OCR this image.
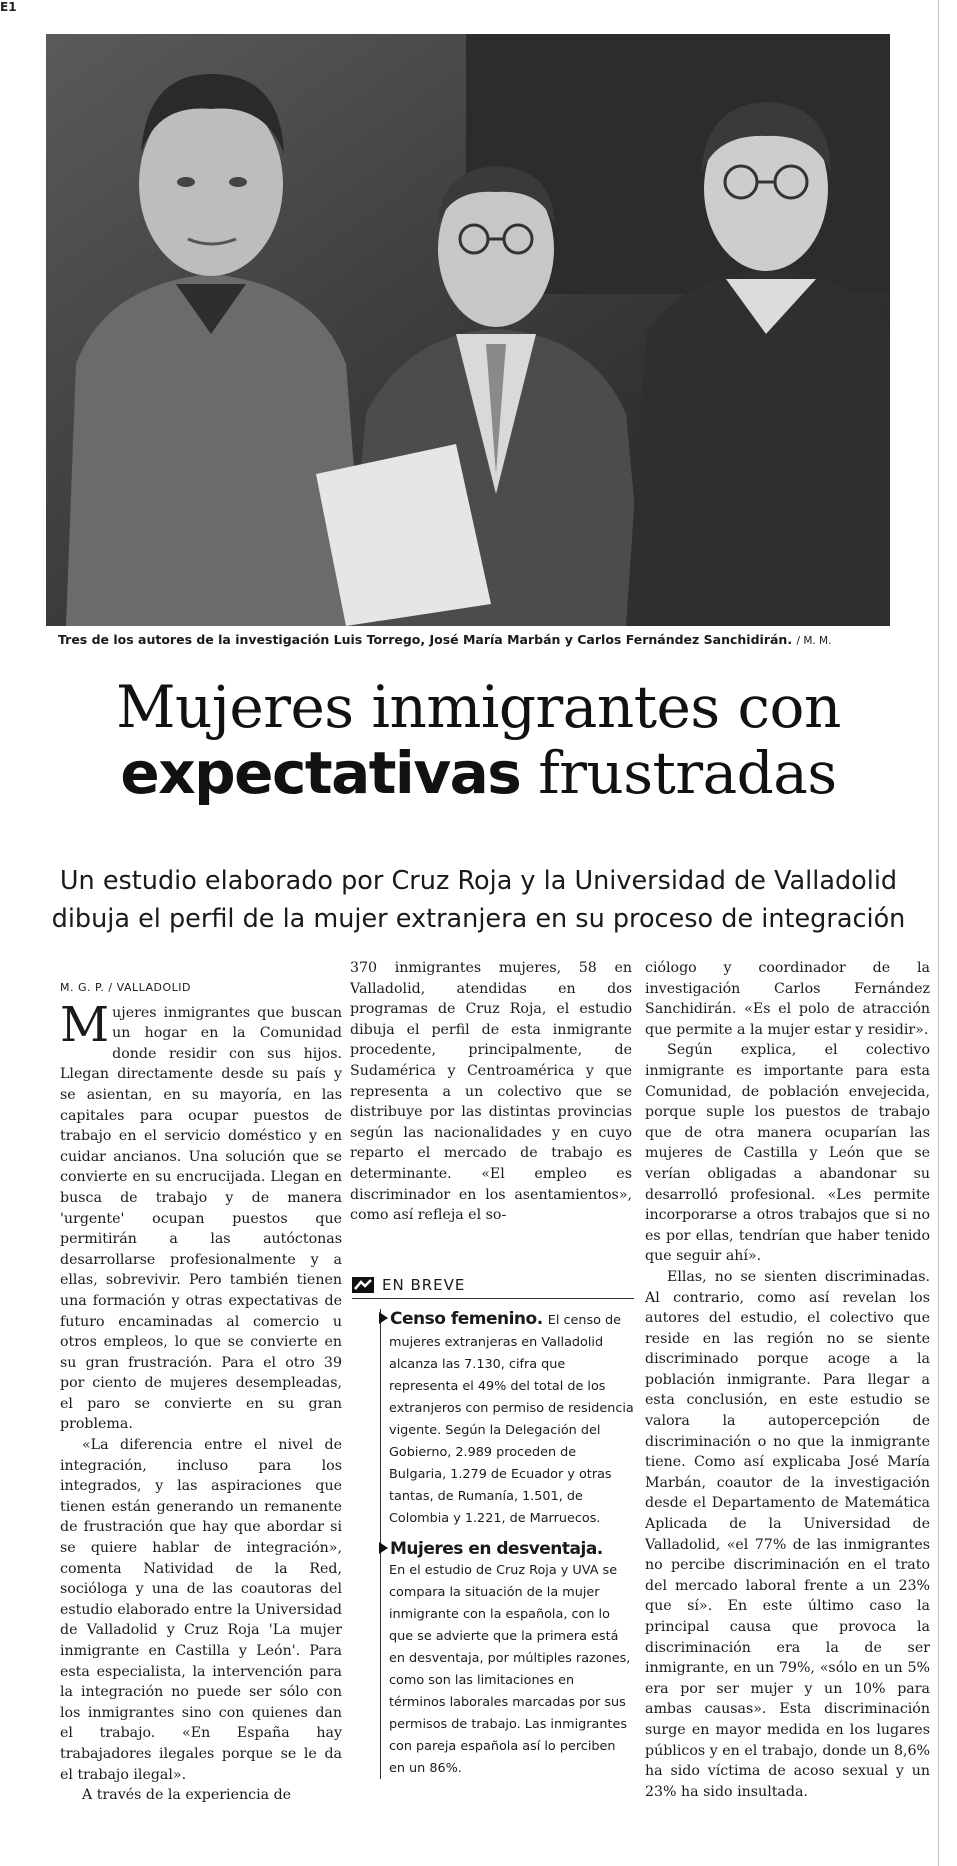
E1
Tres de los autores de la investigación Luis Torrego, José María Marbán y Carlos Fernández Sanchidirán. / M. M.
Mujeres inmigrantes con
expectativas frustradas
Un estudio elaborado por Cruz Roja y la Universidad de Valladolid
dibuja el perfil de la mujer extranjera en su proceso de integración
M. G. P. / VALLADOLID

Mujeres inmigrantes que buscan un hogar en la Comunidad donde residir con sus hijos. Llegan directamente desde su país y se asientan, en su mayoría, en las capitales para ocupar puestos de trabajo en el servicio doméstico y en cuidar ancianos. Una solución que se convierte en su encrucijada. Llegan en busca de trabajo y de manera 'urgente' ocupan puestos que permitirán a las autóctonas desarrollarse profesionalmente y a ellas, sobrevivir. Pero también tienen una formación y otras expectativas de futuro encaminadas al comercio u otros empleos, lo que se convierte en su gran frustración. Para el otro 39 por ciento de mujeres desempleadas, el paro se convierte en su gran problema.

«La diferencia entre el nivel de integración, incluso para los integrados, y las aspiraciones que tienen están generando un remanente de frustración que hay que abordar si se quiere hablar de integración», comenta Natividad de la Red, socióloga y una de las coautoras del estudio elaborado entre la Universidad de Valladolid y Cruz Roja 'La mujer inmigrante en Castilla y León'. Para esta especialista, la intervención para la integración no puede ser sólo con los inmigrantes sino con quienes dan el trabajo. «En España hay trabajadores ilegales porque se le da el trabajo ilegal».

A través de la experiencia de

370 inmigrantes mujeres, 58 en Valladolid, atendidas en dos programas de Cruz Roja, el estudio dibuja el perfil de esta inmigrante procedente, principalmente, de Sudamérica y Centroamérica y que representa a un colectivo que se distribuye por las distintas provincias según las nacionalidades y en cuyo reparto el mercado de trabajo es determinante. «El empleo es discriminador en los asentamientos», como así refleja el so-

EN BREVE
Censo femenino. El censo de mujeres extranjeras en Valladolid alcanza las 7.130, cifra que representa el 49% del total de los extranjeros con permiso de residencia vigente. Según la Delegación del Gobierno, 2.989 proceden de Bulgaria, 1.279 de Ecuador y otras tantas, de Rumanía, 1.501, de Colombia y 1.221, de Marruecos.
Mujeres en desventaja.
En el estudio de Cruz Roja y UVA se compara la situación de la mujer inmigrante con la española, con lo que se advierte que la primera está en desventaja, por múltiples razones, como son las limitaciones en términos laborales marcadas por sus permisos de trabajo. Las inmigrantes con pareja española así lo perciben en un 86%.

ciólogo y coordinador de la investigación Carlos Fernández Sanchidirán. «Es el polo de atracción que permite a la mujer estar y residir».

Según explica, el colectivo inmigrante es importante para esta Comunidad, de población envejecida, porque suple los puestos de trabajo que de otra manera ocuparían las mujeres de Castilla y León que se verían obligadas a abandonar su desarrolló profesional. «Les permite incorporarse a otros trabajos que si no es por ellas, tendrían que haber tenido que seguir ahí».

Ellas, no se sienten discriminadas. Al contrario, como así revelan los autores del estudio, el colectivo que reside en las región no se siente discriminado porque acoge a la población inmigrante. Para llegar a esta conclusión, en este estudio se valora la autopercepción de discriminación o no que la inmigrante tiene. Como así explicaba José María Marbán, coautor de la investigación desde el Departamento de Matemática Aplicada de la Universidad de Valladolid, «el 77% de las inmigrantes no percibe discriminación en el trato del mercado laboral frente a un 23% que sí». En este último caso la principal causa que provoca la discriminación era la de ser inmigrante, en un 79%, «sólo en un 5% era por ser mujer y un 10% para ambas causas». Esta discriminación surge en mayor medida en los lugares públicos y en el trabajo, donde un 8,6% ha sido víctima de acoso sexual y un 23% ha sido insultada.
